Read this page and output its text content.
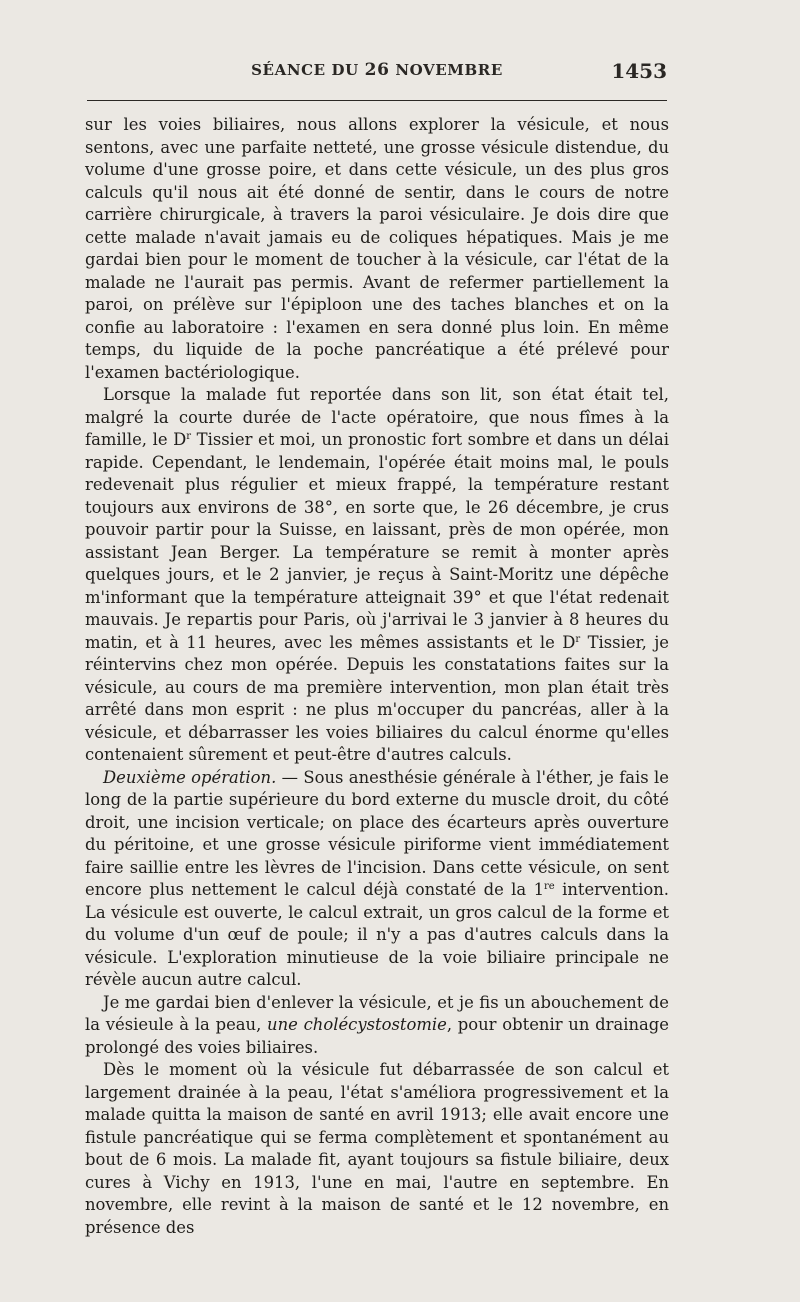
SÉANCE DU 26 NOVEMBRE	1453

sur les voies biliaires, nous allons explorer la vésicule, et nous sentons, avec une parfaite netteté, une grosse vésicule distendue, du volume d'une grosse poire, et dans cette vésicule, un des plus gros calculs qu'il nous ait été donné de sentir, dans le cours de notre carrière chirurgicale, à travers la paroi vésiculaire. Je dois dire que cette malade n'avait jamais eu de coliques hépatiques. Mais je me gardai bien pour le moment de toucher à la vésicule, car l'état de la malade ne l'aurait pas permis. Avant de refermer partiellement la paroi, on prélève sur l'épiploon une des taches blanches et on la confie au laboratoire : l'examen en sera donné plus loin. En même temps, du liquide de la poche pancréatique a été prélevé pour l'examen bactériologique.

Lorsque la malade fut reportée dans son lit, son état était tel, malgré la courte durée de l'acte opératoire, que nous fîmes à la famille, le $D^r$ Tissier et moi, un pronostic fort sombre et dans un délai rapide. Cependant, le lendemain, l'opérée était moins mal, le pouls redevenait plus régulier et mieux frappé, la température restant toujours aux environs de 38°, en sorte que, le 26 décembre, je crus pouvoir partir pour la Suisse, en laissant, près de mon opérée, mon assistant Jean Berger. La température se remit à monter après quelques jours, et le 2 janvier, je reçus à Saint-Moritz une dépêche m'informant que la température atteignait 39° et que l'état redenait mauvais. Je repartis pour Paris, où j'arrivai le 3 janvier à 8 heures du matin, et à 11 heures, avec les mêmes assistants et le $D^r$ Tissier, je réintervins chez mon opérée. Depuis les constatations faites sur la vésicule, au cours de ma première intervention, mon plan était très arrêté dans mon esprit : ne plus m'occuper du pancréas, aller à la vésicule, et débarrasser les voies biliaires du calcul énorme qu'elles contenaient sûrement et peut-être d'autres calculs.

Deuxième opération. — Sous anesthésie générale à l'éther, je fais le long de la partie supérieure du bord externe du muscle droit, du côté droit, une incision verticale; on place des écarteurs après ouverture du péritoine, et une grosse vésicule piriforme vient immédiatement faire saillie entre les lèvres de l'incision. Dans cette vésicule, on sent encore plus nettement le calcul déjà constaté de la 1re intervention. La vésicule est ouverte, le calcul extrait, un gros calcul de la forme et du volume d'un œuf de poule; il n'y a pas d'autres calculs dans la vésicule. L'exploration minutieuse de la voie biliaire principale ne révèle aucun autre calcul.

Je me gardai bien d'enlever la vésicule, et je fis un abouchement de la vésieule à la peau, une cholécystostomie, pour obtenir un drainage prolongé des voies biliaires.

Dès le moment où la vésicule fut débarrassée de son calcul et largement drainée à la peau, l'état s'améliora progressivement et la malade quitta la maison de santé en avril 1913; elle avait encore une fistule pancréatique qui se ferma complètement et spontanément au bout de 6 mois. La malade fit, ayant toujours sa fistule biliaire, deux cures à Vichy en 1913, l'une en mai, l'autre en septembre. En novembre, elle revint à la maison de santé et le 12 novembre, en présence des
